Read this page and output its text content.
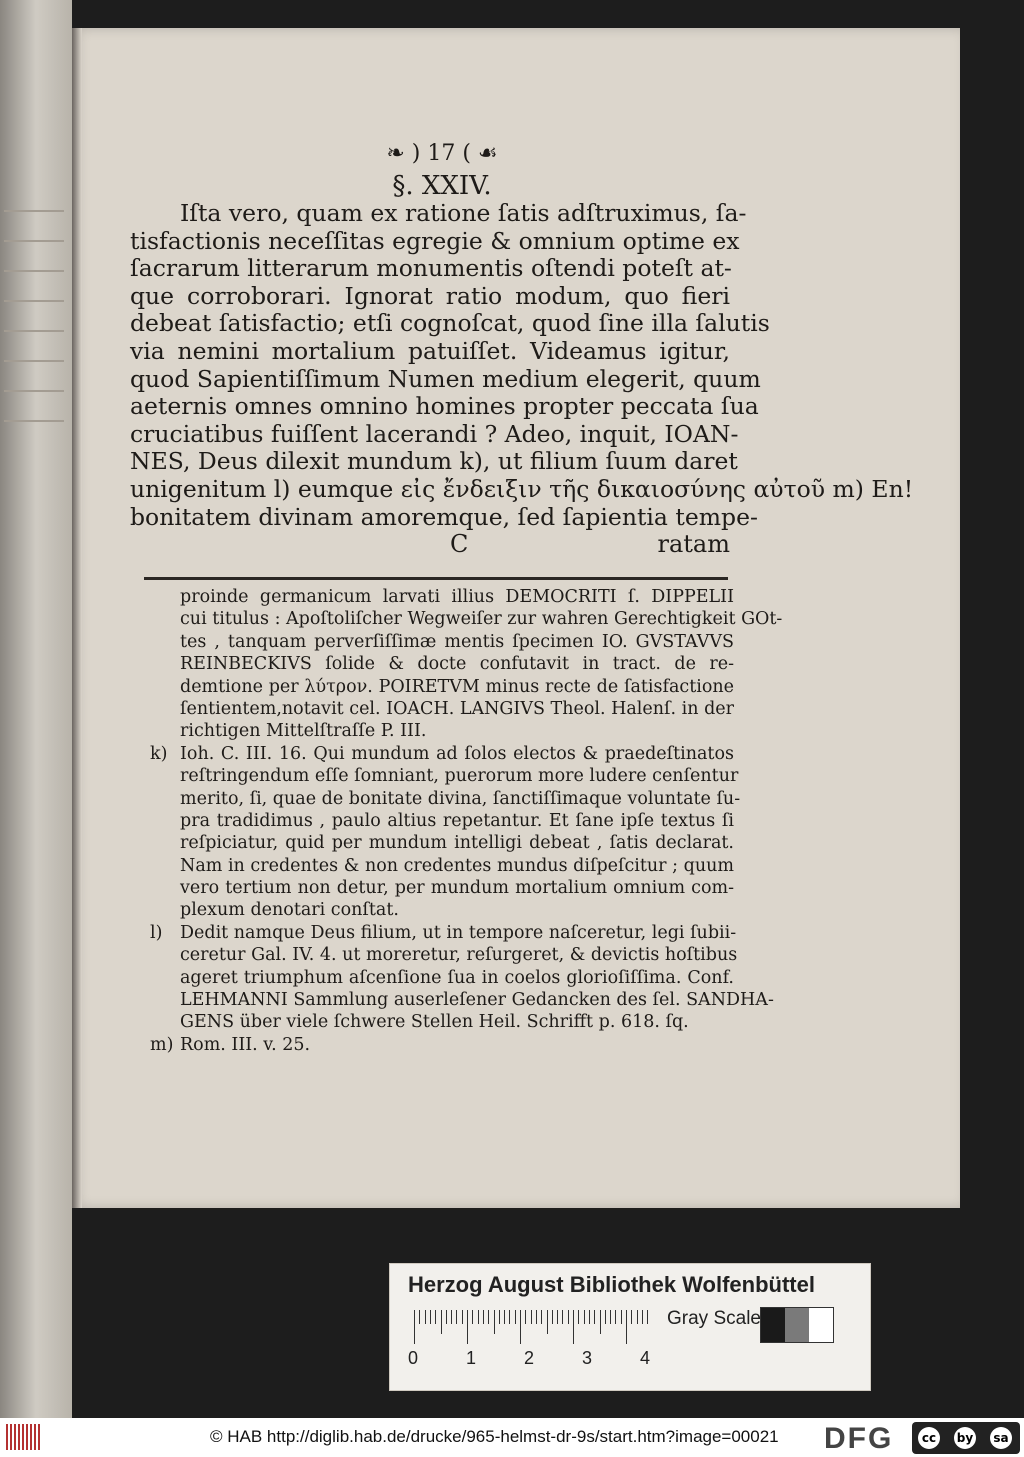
❧ ) 17 ( ☙
§. XXIV.
Iſta vero, quam ex ratione ſatis adſtruximus, ſa-
tisfactionis neceſſitas egregie & omnium optime ex
ſacrarum litterarum monumentis oſtendi poteſt at-
que corroborari. Ignorat ratio modum, quo fieri
debeat ſatisfactio; etſi cognoſcat, quod ſine illa ſalutis
via nemini mortalium patuiſſet. Videamus igitur,
quod Sapientiſſimum Numen medium elegerit, quum
aeternis omnes omnino homines propter peccata ſua
cruciatibus fuiſſent lacerandi ? Adeo, inquit, IOAN-
NES, Deus dilexit mundum k), ut filium ſuum daret
unigenitum l) eumque εἰς ἔνδειξιν τῆς δικαιοσύνης αὐτοῦ m) En!
bonitatem divinam amoremque, ſed ſapientia tempe-
C	ratam
proinde germanicum larvati illius DEMOCRITI ſ. DIPPELII
cui titulus : Apoſtoliſcher Wegweiſer zur wahren Gerechtigkeit GOt-
tes , tanquam perverſiſſimæ mentis ſpecimen IO. GVSTAVVS
REINBECKIVS ſolide & docte confutavit in tract. de re-
demtione per λύτρον. POIRETVM minus recte de ſatisfactione
ſentientem,notavit cel. IOACH. LANGIVS Theol. Halenſ. in der
richtigen Mittelſtraſſe P. III.
k) Ioh. C. III. 16. Qui mundum ad ſolos electos & praedeſtinatos
reſtringendum eſſe ſomniant, puerorum more ludere cenſentur
merito, ſi, quae de bonitate divina, ſanctiſſimaque voluntate ſu-
pra tradidimus , paulo altius repetantur. Et ſane ipſe textus ſi
reſpiciatur, quid per mundum intelligi debeat , ſatis declarat.
Nam in credentes & non credentes mundus diſpeſcitur ; quum
vero tertium non detur, per mundum mortalium omnium com-
plexum denotari conſtat.
l) Dedit namque Deus filium, ut in tempore naſceretur, legi ſubii-
ceretur Gal. IV. 4. ut moreretur, reſurgeret, & devictis hoſtibus
ageret triumphum aſcenſione ſua in coelos glorioſiſſima. Conf.
LEHMANNI Sammlung auserleſener Gedancken des ſel. SANDHA-
GENS über viele ſchwere Stellen Heil. Schrifft p. 618. ſq.
m) Rom. III. v. 25.
Herzog August Bibliothek Wolfenbüttel
0	1	2	3	4
Gray Scale
© HAB http://diglib.hab.de/drucke/965-helmst-dr-9s/start.htm?image=00021 DFG	cc	by sa
